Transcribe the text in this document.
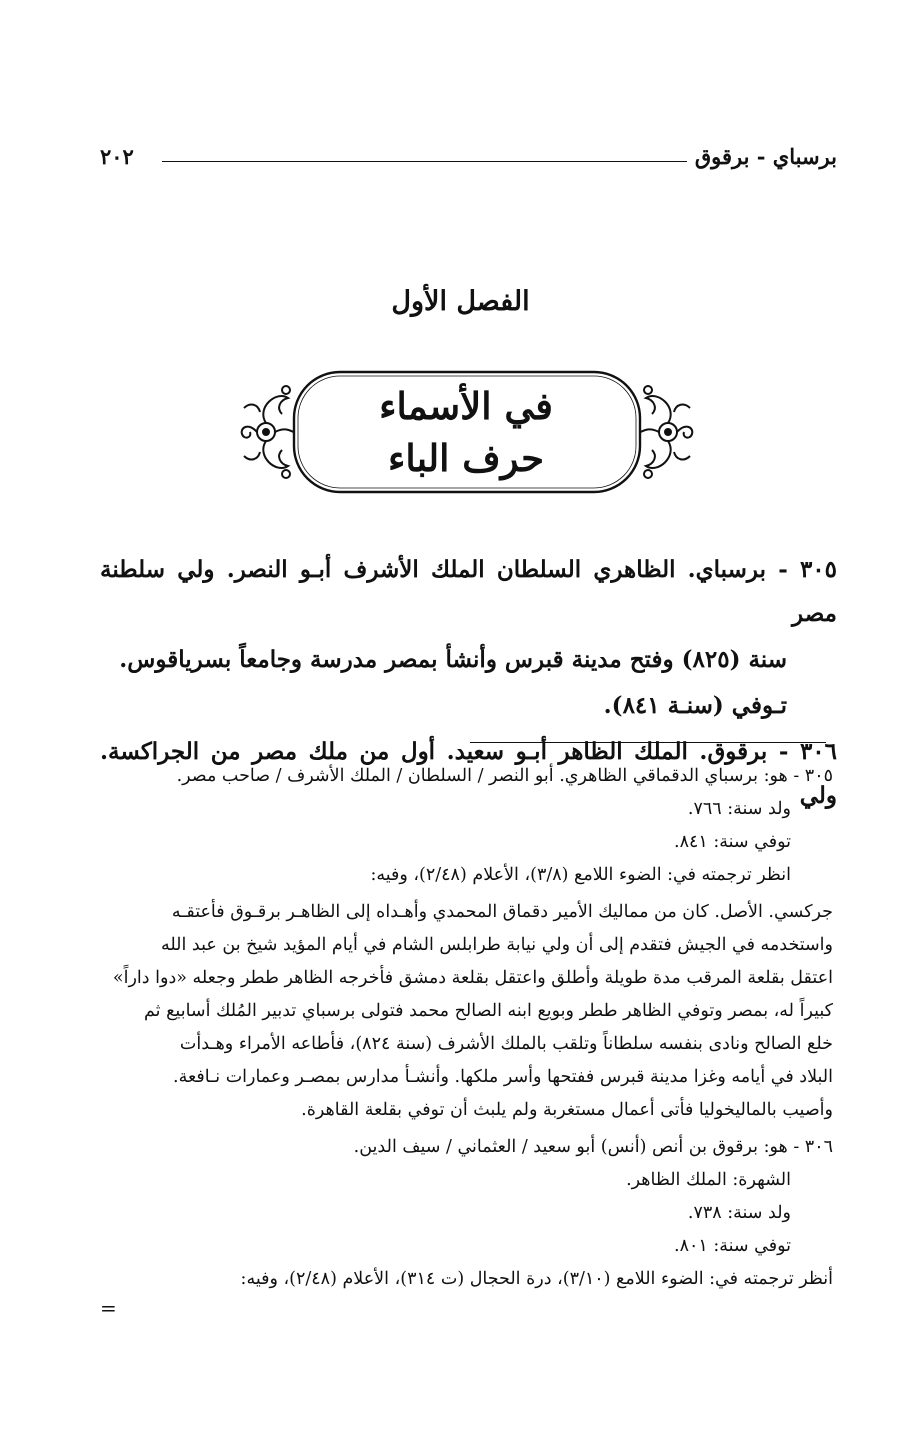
برسباي - برقوق
٢٠٢
الفصل الأول
في الأسماء
حرف الباء

٣٠٥ - برسباي. الظاهري السلطان الملك الأشرف أبـو النصر. ولي سلطنة مصر

سنة (٨٢٥) وفتح مدينة قبرس وأنشأ بمصر مدرسة وجامعاً بسرياقوس.

تـوفي (سنـة ٨٤١).

٣٠٦ - برقوق. الملك الظاهر أبـو سعيد. أول من ملك مصر من الجراكسة. ولي

٣٠٥ - هو: برسباي الدقماقي الظاهري. أبو النصر / السلطان / الملك الأشرف / صاحب مصر.

ولد سنة: ٧٦٦.

توفي سنة: ٨٤١.

انظر ترجمته في: الضوء اللامع (٣/٨)، الأعلام (٢/٤٨)، وفيه:

جركسي. الأصل. كان من مماليك الأمير دقماق المحمدي وأهـداه إلى الظاهـر برقـوق فأعتقـه

واستخدمه في الجيش فتقدم إلى أن ولي نيابة طرابلس الشام في أيام المؤيد شيخ بن عبد الله

اعتقل بقلعة المرقب مدة طويلة وأطلق واعتقل بقلعة دمشق فأخرجه الظاهر ططر وجعله «دوا داراً»

كبيراً له، بمصر وتوفي الظاهر ططر وبويع ابنه الصالح محمد فتولى برسباي تدبير المُلك أسابيع ثم

خلع الصالح ونادى بنفسه سلطاناً وتلقب بالملك الأشرف (سنة ٨٢٤)، فأطاعه الأمراء وهـدأت

البلاد في أيامه وغزا مدينة قبرس ففتحها وأسر ملكها. وأنشـأ مدارس بمصـر وعمارات نـافعة.

وأصيب بالماليخوليا فأتى أعمال مستغربة ولم يلبث أن توفي بقلعة القاهرة.

٣٠٦ - هو: برقوق بن أنص (أنس) أبو سعيد / العثماني / سيف الدين.

الشهرة: الملك الظاهر.

ولد سنة: ٧٣٨.

توفي سنة: ٨٠١.

أنظر ترجمته في: الضوء اللامع (٣/١٠)، درة الحجال (ت ٣١٤)، الأعلام (٢/٤٨)، وفيه:

=
